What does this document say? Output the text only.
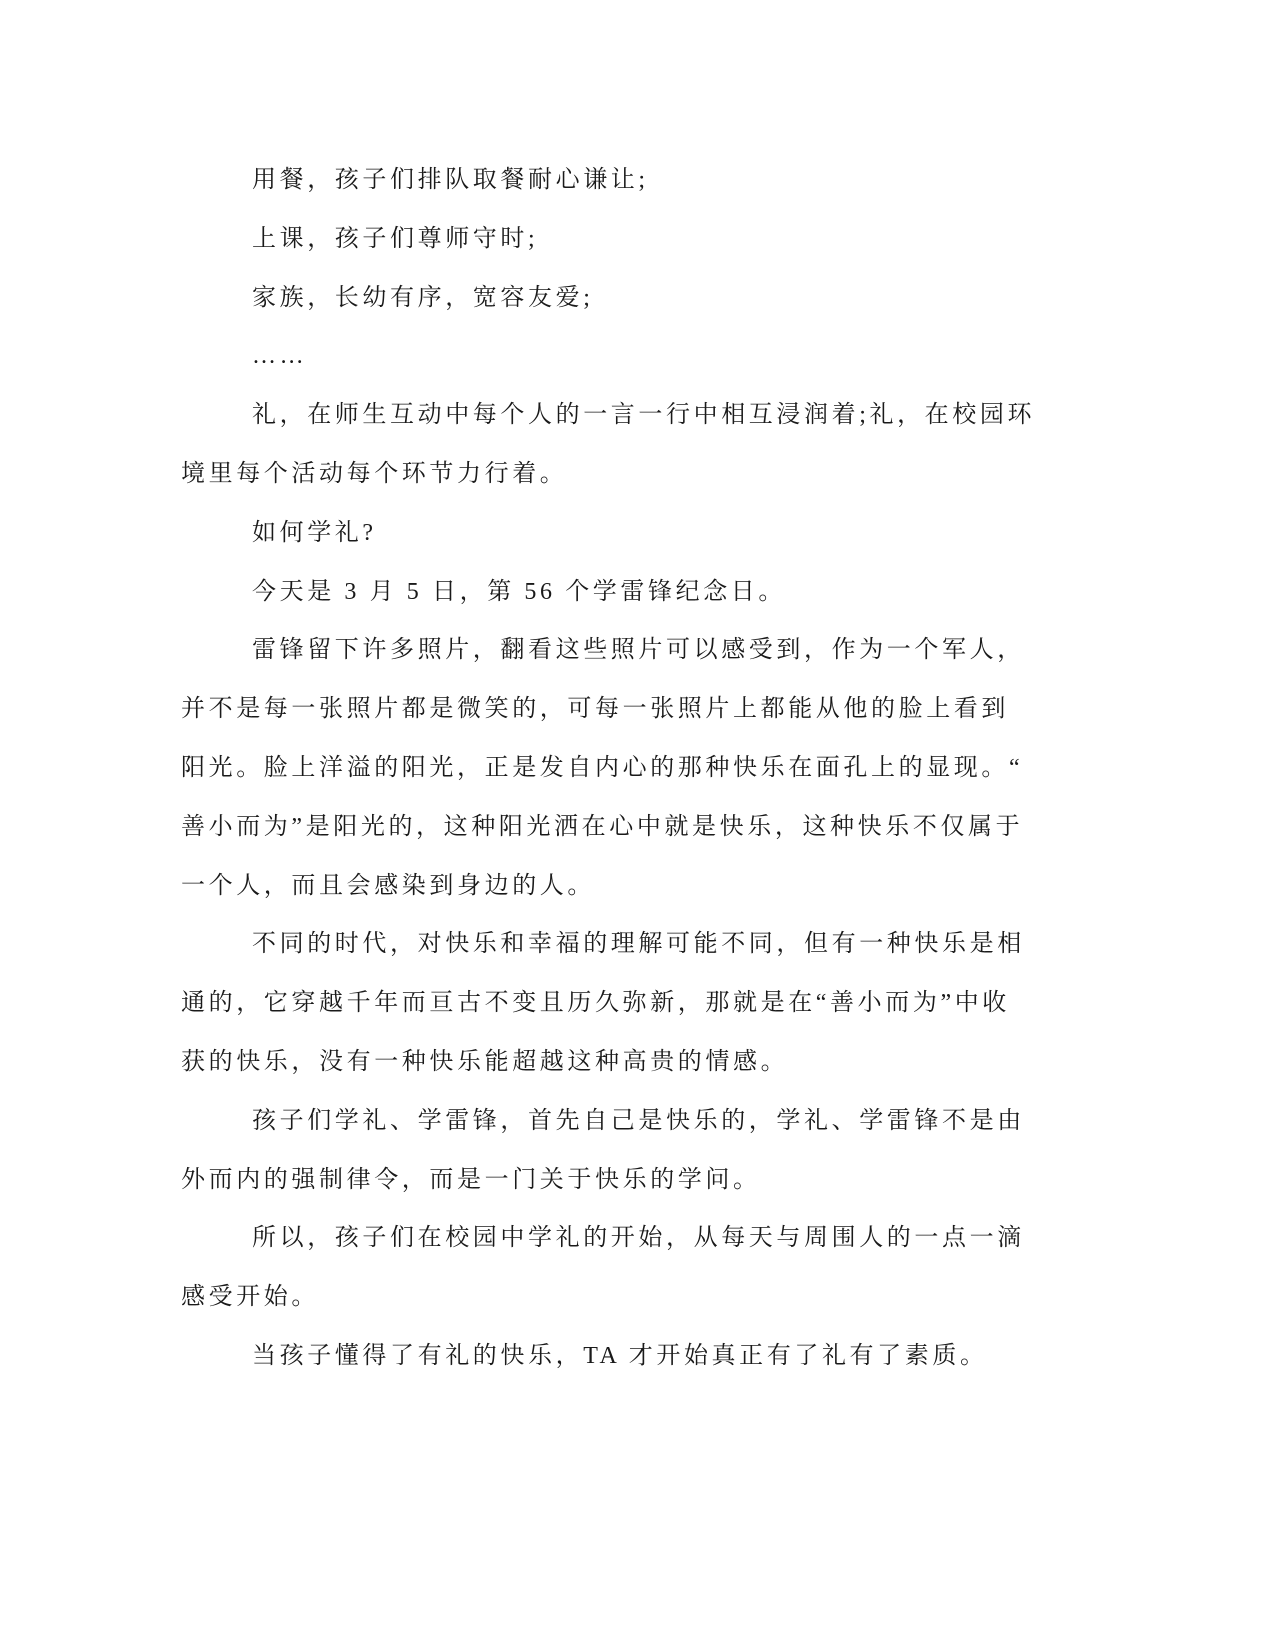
用餐，孩子们排队取餐耐心谦让;
上课，孩子们尊师守时;
家族，长幼有序，宽容友爱;
……
礼，在师生互动中每个人的一言一行中相互浸润着;礼，在校园环
境里每个活动每个环节力行着。
如何学礼?
今天是 3 月 5 日，第 56 个学雷锋纪念日。
雷锋留下许多照片，翻看这些照片可以感受到，作为一个军人，
并不是每一张照片都是微笑的，可每一张照片上都能从他的脸上看到
阳光。脸上洋溢的阳光，正是发自内心的那种快乐在面孔上的显现。“
善小而为”是阳光的，这种阳光洒在心中就是快乐，这种快乐不仅属于
一个人，而且会感染到身边的人。
不同的时代，对快乐和幸福的理解可能不同，但有一种快乐是相
通的，它穿越千年而亘古不变且历久弥新，那就是在“善小而为”中收
获的快乐，没有一种快乐能超越这种高贵的情感。
孩子们学礼、学雷锋，首先自己是快乐的，学礼、学雷锋不是由
外而内的强制律令，而是一门关于快乐的学问。
所以，孩子们在校园中学礼的开始，从每天与周围人的一点一滴
感受开始。
当孩子懂得了有礼的快乐，TA 才开始真正有了礼有了素质。
